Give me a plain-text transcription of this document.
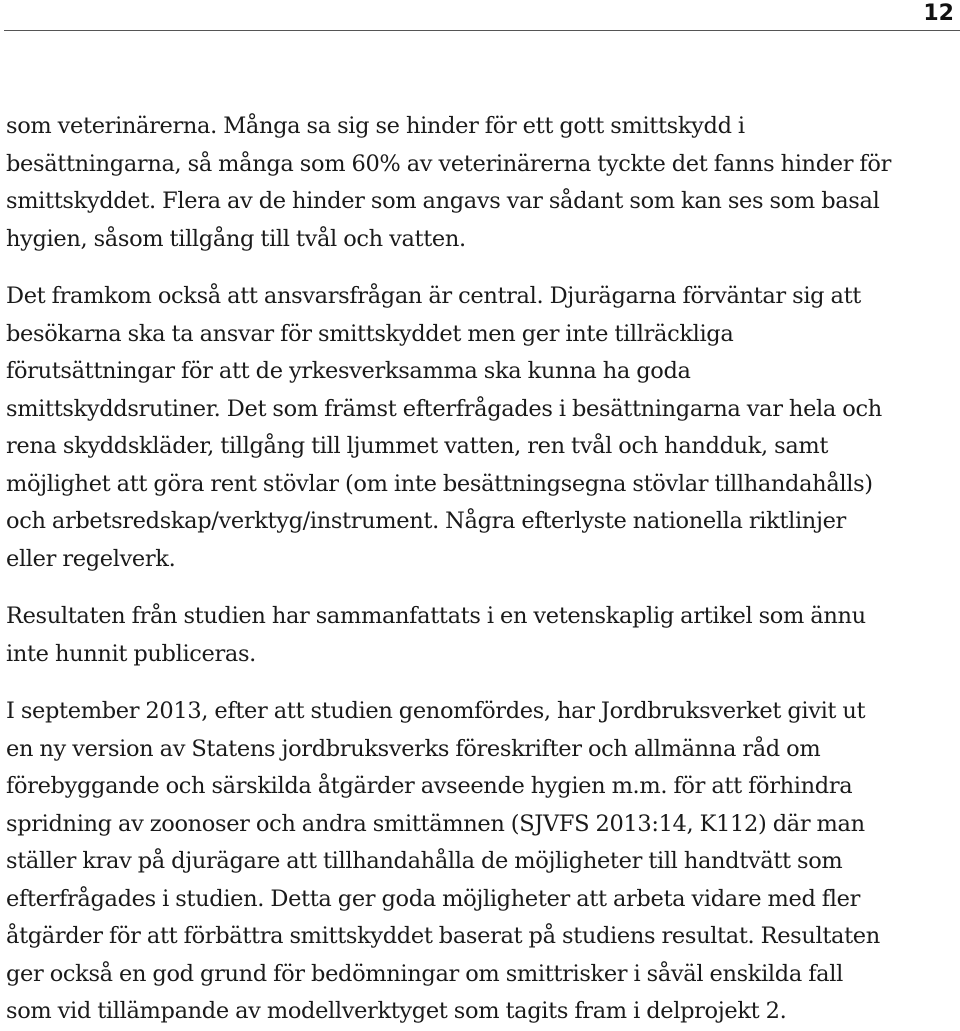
12

som veterinärerna. Många sa sig se hinder för ett gott smittskydd i
besättningarna, så många som 60% av veterinärerna tyckte det fanns hinder för
smittskyddet. Flera av de hinder som angavs var sådant som kan ses som basal
hygien, såsom tillgång till tvål och vatten.

Det framkom också att ansvarsfrågan är central. Djurägarna förväntar sig att
besökarna ska ta ansvar för smittskyddet men ger inte tillräckliga
förutsättningar för att de yrkesverksamma ska kunna ha goda
smittskyddsrutiner. Det som främst efterfrågades i besättningarna var hela och
rena skyddskläder, tillgång till ljummet vatten, ren tvål och handduk, samt
möjlighet att göra rent stövlar (om inte besättningsegna stövlar tillhandahålls)
och arbetsredskap/verktyg/instrument. Några efterlyste nationella riktlinjer
eller regelverk.

Resultaten från studien har sammanfattats i en vetenskaplig artikel som ännu
inte hunnit publiceras.

I september 2013, efter att studien genomfördes, har Jordbruksverket givit ut
en ny version av Statens jordbruksverks föreskrifter och allmänna råd om
förebyggande och särskilda åtgärder avseende hygien m.m. för att förhindra
spridning av zoonoser och andra smittämnen (SJVFS 2013:14, K112) där man
ställer krav på djurägare att tillhandahålla de möjligheter till handtvätt som
efterfrågades i studien. Detta ger goda möjligheter att arbeta vidare med fler
åtgärder för att förbättra smittskyddet baserat på studiens resultat. Resultaten
ger också en god grund för bedömningar om smittrisker i såväl enskilda fall
som vid tillämpande av modellverktyget som tagits fram i delprojekt 2.
